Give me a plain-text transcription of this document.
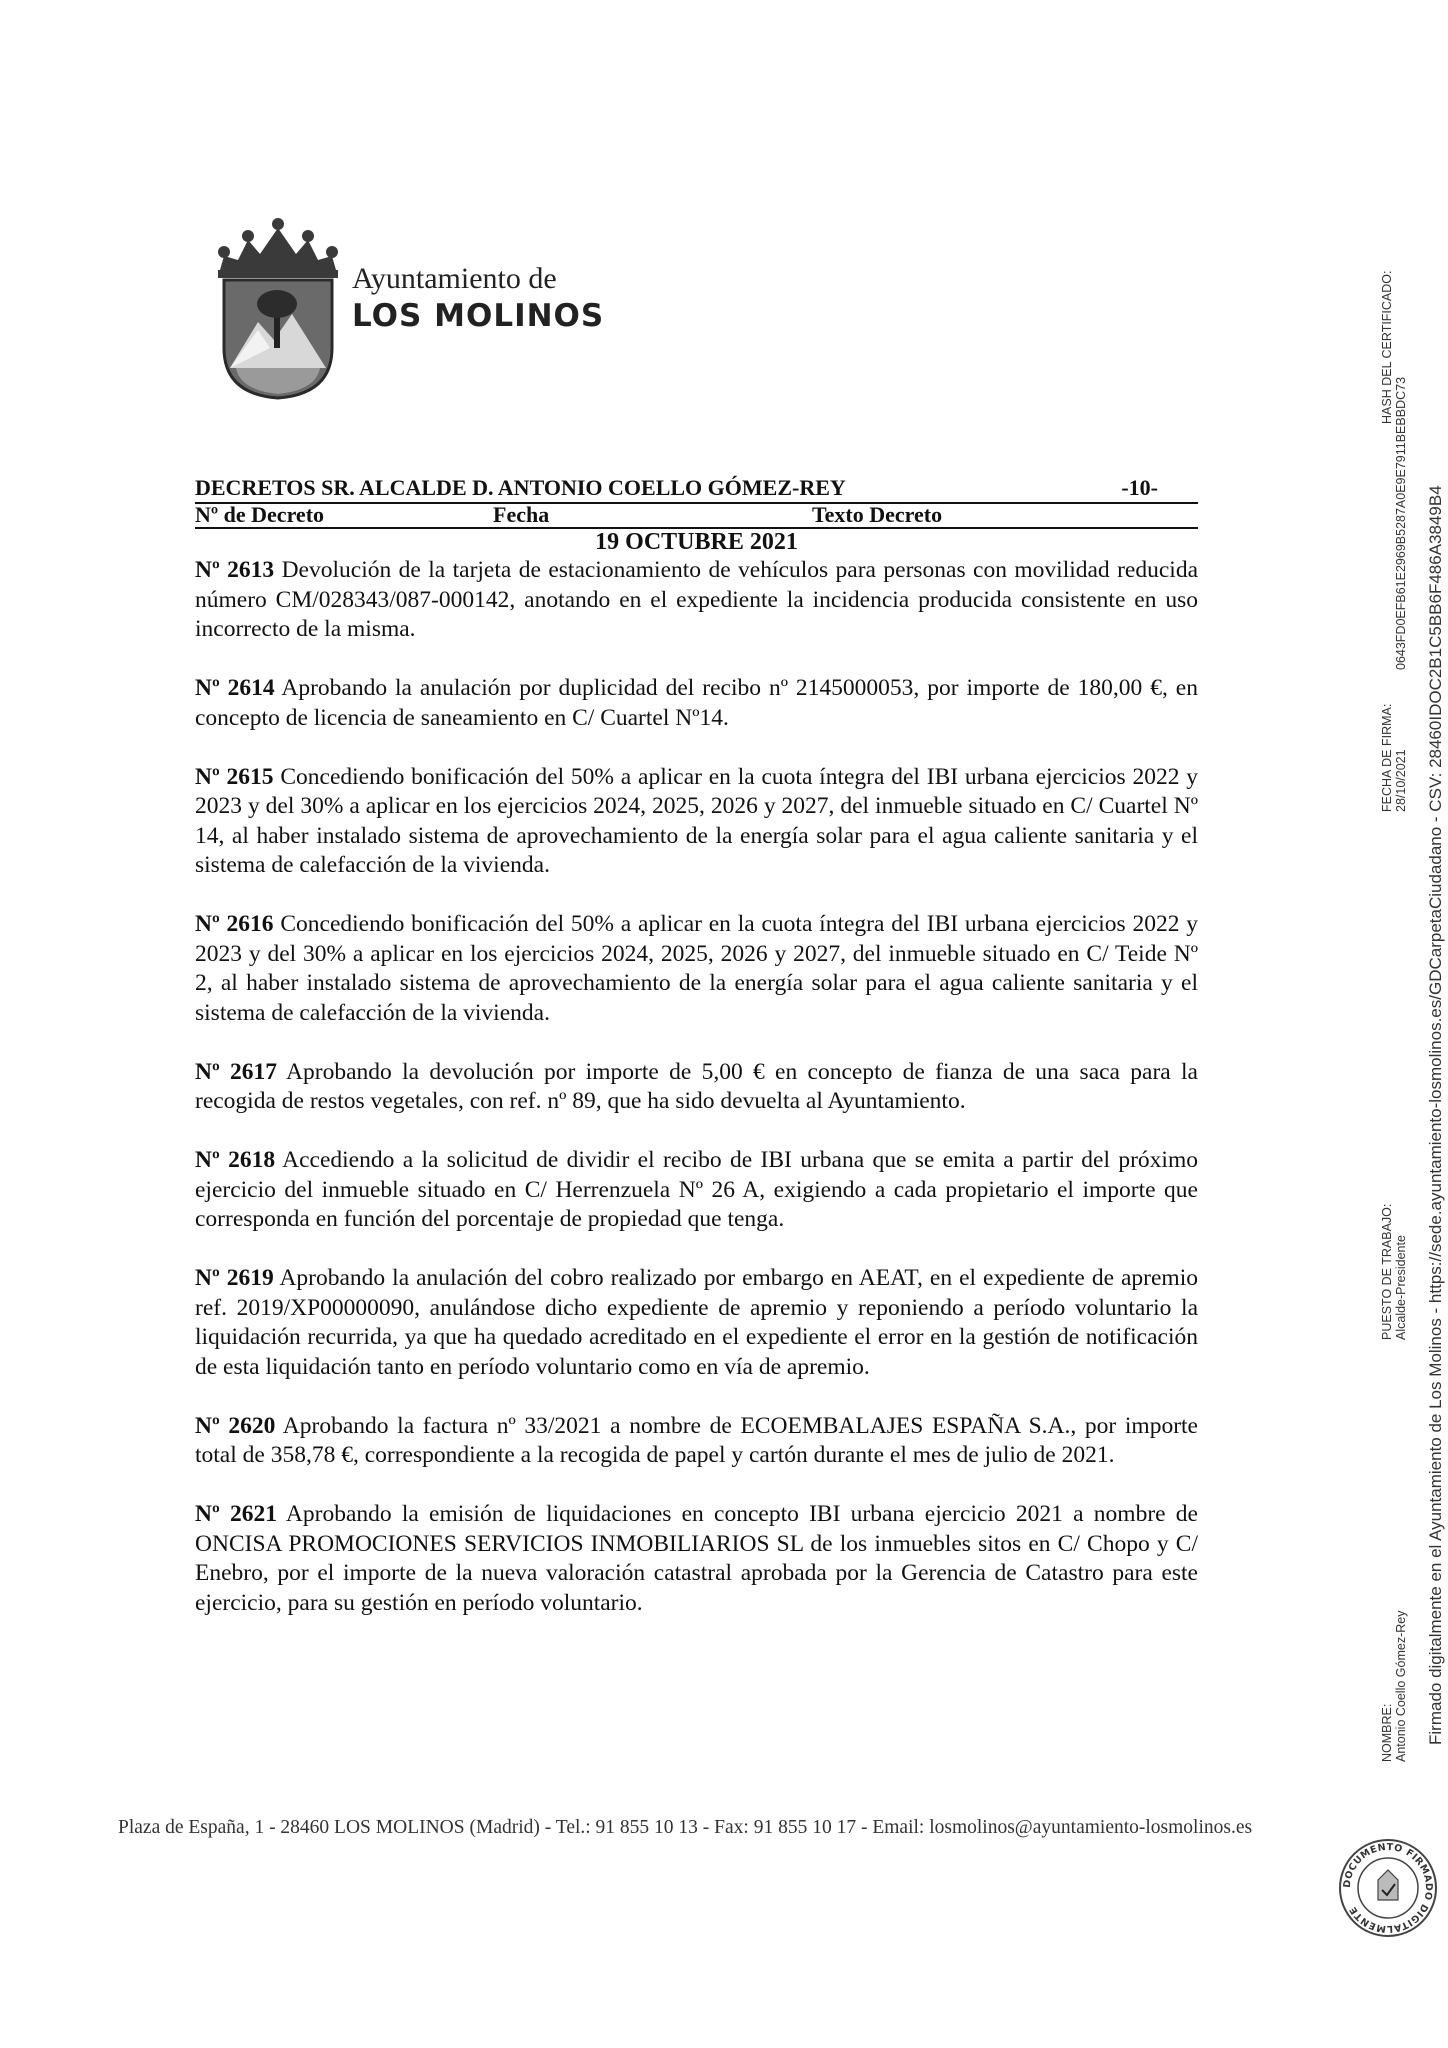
Ayuntamiento de
LOS MOLINOS
DECRETOS SR. ALCALDE D. ANTONIO COELLO GÓMEZ-REY	-10-
Nº de Decreto	Fecha	Texto Decreto
19 OCTUBRE 2021

Nº 2613 Devolución de la tarjeta de estacionamiento de vehículos para personas con movilidad reducida número CM/028343/087-000142, anotando en el expediente la incidencia producida consistente en uso incorrecto de la misma.

Nº 2614 Aprobando la anulación por duplicidad del recibo nº 2145000053, por importe de 180,00 €, en concepto de licencia de saneamiento en C/ Cuartel Nº14.

Nº 2615 Concediendo bonificación del 50% a aplicar en la cuota íntegra del IBI urbana ejercicios 2022 y 2023 y del 30% a aplicar en los ejercicios 2024, 2025, 2026 y 2027, del inmueble situado en C/ Cuartel Nº 14, al haber instalado sistema de aprovechamiento de la energía solar para el agua caliente sanitaria y el sistema de calefacción de la vivienda.

Nº 2616 Concediendo bonificación del 50% a aplicar en la cuota íntegra del IBI urbana ejercicios 2022 y 2023 y del 30% a aplicar en los ejercicios 2024, 2025, 2026 y 2027, del inmueble situado en C/ Teide Nº 2, al haber instalado sistema de aprovechamiento de la energía solar para el agua caliente sanitaria y el sistema de calefacción de la vivienda.

Nº 2617 Aprobando la devolución por importe de 5,00 € en concepto de fianza de una saca para la recogida de restos vegetales, con ref. nº 89, que ha sido devuelta al Ayuntamiento.

Nº 2618 Accediendo a la solicitud de dividir el recibo de IBI urbana que se emita a partir del próximo ejercicio del inmueble situado en C/ Herrenzuela Nº 26 A, exigiendo a cada propietario el importe que corresponda en función del porcentaje de propiedad que tenga.

Nº 2619 Aprobando la anulación del cobro realizado por embargo en AEAT, en el expediente de apremio ref. 2019/XP00000090, anulándose dicho expediente de apremio y reponiendo a período voluntario la liquidación recurrida, ya que ha quedado acreditado en el expediente el error en la gestión de notificación de esta liquidación tanto en período voluntario como en vía de apremio.

Nº 2620 Aprobando la factura nº 33/2021 a nombre de ECOEMBALAJES ESPAÑA S.A., por importe total de 358,78 €, correspondiente a la recogida de papel y cartón durante el mes de julio de 2021.

Nº 2621 Aprobando la emisión de liquidaciones en concepto IBI urbana ejercicio 2021 a nombre de ONCISA PROMOCIONES SERVICIOS INMOBILIARIOS SL de los inmuebles sitos en C/ Chopo y C/ Enebro, por el importe de la nueva valoración catastral aprobada por la Gerencia de Catastro para este ejercicio, para su gestión en período voluntario.

Plaza de España, 1 - 28460 LOS MOLINOS (Madrid) - Tel.: 91 855 10 13 - Fax: 91 855 10 17 - Email: losmolinos@ayuntamiento-losmolinos.es
HASH DEL CERTIFICADO:
0643FD0EFB61E2969B5287A0E9E7911BEBBDC73
FECHA DE FIRMA: 28/10/2021
PUESTO DE TRABAJO: Alcalde-Presidente
NOMBRE: Antonio Coello Gómez-Rey Firmado digitalmente en el Ayuntamiento de Los Molinos - https://sede.ayuntamiento-losmolinos.es/GDCarpetaCiudadano - CSV: 28460IDOC2B1C5BB6F486A3849B4
DOCUMENTO FIRMADO DIGITALMENTE
